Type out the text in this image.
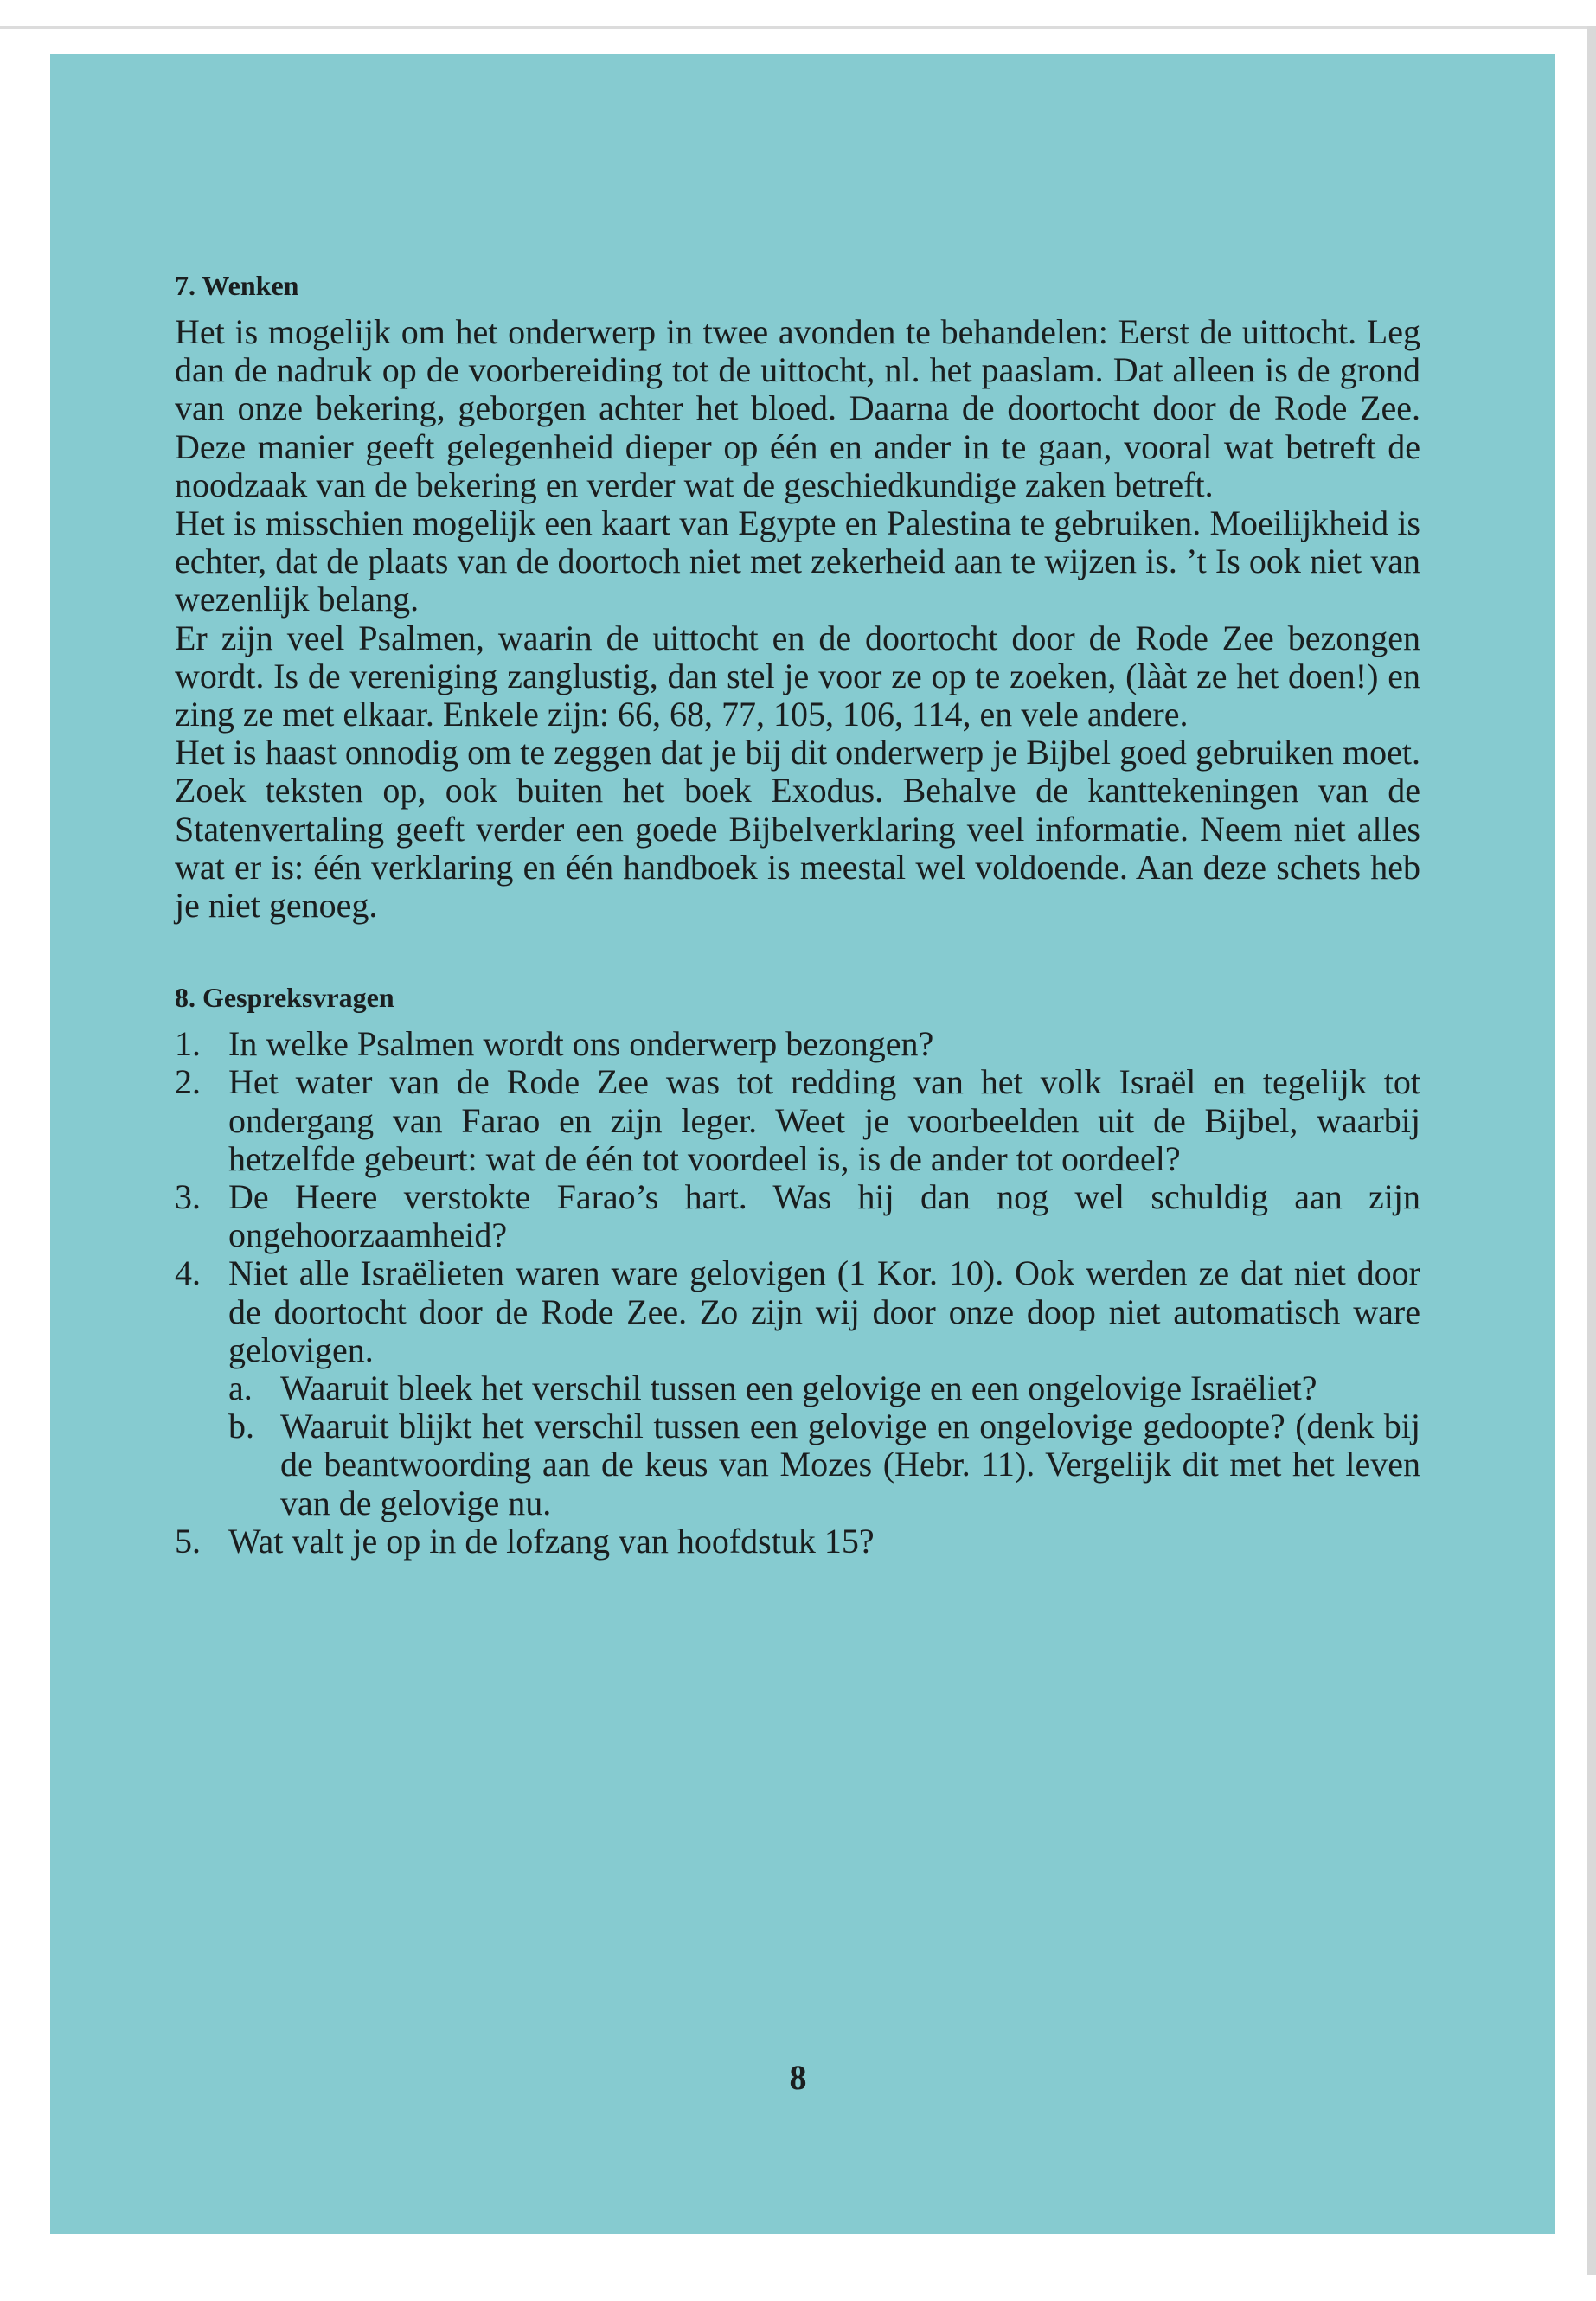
7. Wenken

Het is mogelijk om het onderwerp in twee avonden te behandelen: Eerst de uittocht. Leg dan de nadruk op de voorbereiding tot de uittocht, nl. het paaslam. Dat alleen is de grond van onze bekering, geborgen achter het bloed. Daarna de doortocht door de Rode Zee. Deze manier geeft gelegenheid dieper op één en ander in te gaan, vooral wat betreft de noodzaak van de bekering en verder wat de geschiedkundige zaken betreft.

Het is misschien mogelijk een kaart van Egypte en Palestina te gebruiken. Moeilijkheid is echter, dat de plaats van de doortoch niet met zekerheid aan te wijzen is. ’t Is ook niet van wezenlijk belang.

Er zijn veel Psalmen, waarin de uittocht en de doortocht door de Rode Zee bezongen wordt. Is de vereniging zanglustig, dan stel je voor ze op te zoeken, (lààt ze het doen!) en zing ze met elkaar. Enkele zijn: 66, 68, 77, 105, 106, 114, en vele andere.

Het is haast onnodig om te zeggen dat je bij dit onderwerp je Bijbel goed gebruiken moet. Zoek teksten op, ook buiten het boek Exodus. Behalve de kanttekeningen van de Statenvertaling geeft verder een goede Bijbelverklaring veel informatie. Neem niet alles wat er is: één verklaring en één handboek is meestal wel voldoende. Aan deze schets heb je niet genoeg.

8. Gespreksvragen
1. In welke Psalmen wordt ons onderwerp bezongen?
2. Het water van de Rode Zee was tot redding van het volk Israël en tegelijk tot ondergang van Farao en zijn leger. Weet je voorbeelden uit de Bijbel, waarbij hetzelfde gebeurt: wat de één tot voordeel is, is de ander tot oordeel?
3. De Heere verstokte Farao’s hart. Was hij dan nog wel schuldig aan zijn ongehoorzaamheid?
4. Niet alle Israëlieten waren ware gelovigen (1 Kor. 10). Ook werden ze dat niet door de doortocht door de Rode Zee. Zo zijn wij door onze doop niet automatisch ware gelovigen.
a. Waaruit bleek het verschil tussen een gelovige en een ongelovige Israëliet?
b. Waaruit blijkt het verschil tussen een gelovige en ongelovige gedoopte? (denk bij de beantwoording aan de keus van Mozes (Hebr. 11). Vergelijk dit met het leven van de gelovige nu.
5. Wat valt je op in de lofzang van hoofdstuk 15?
8
